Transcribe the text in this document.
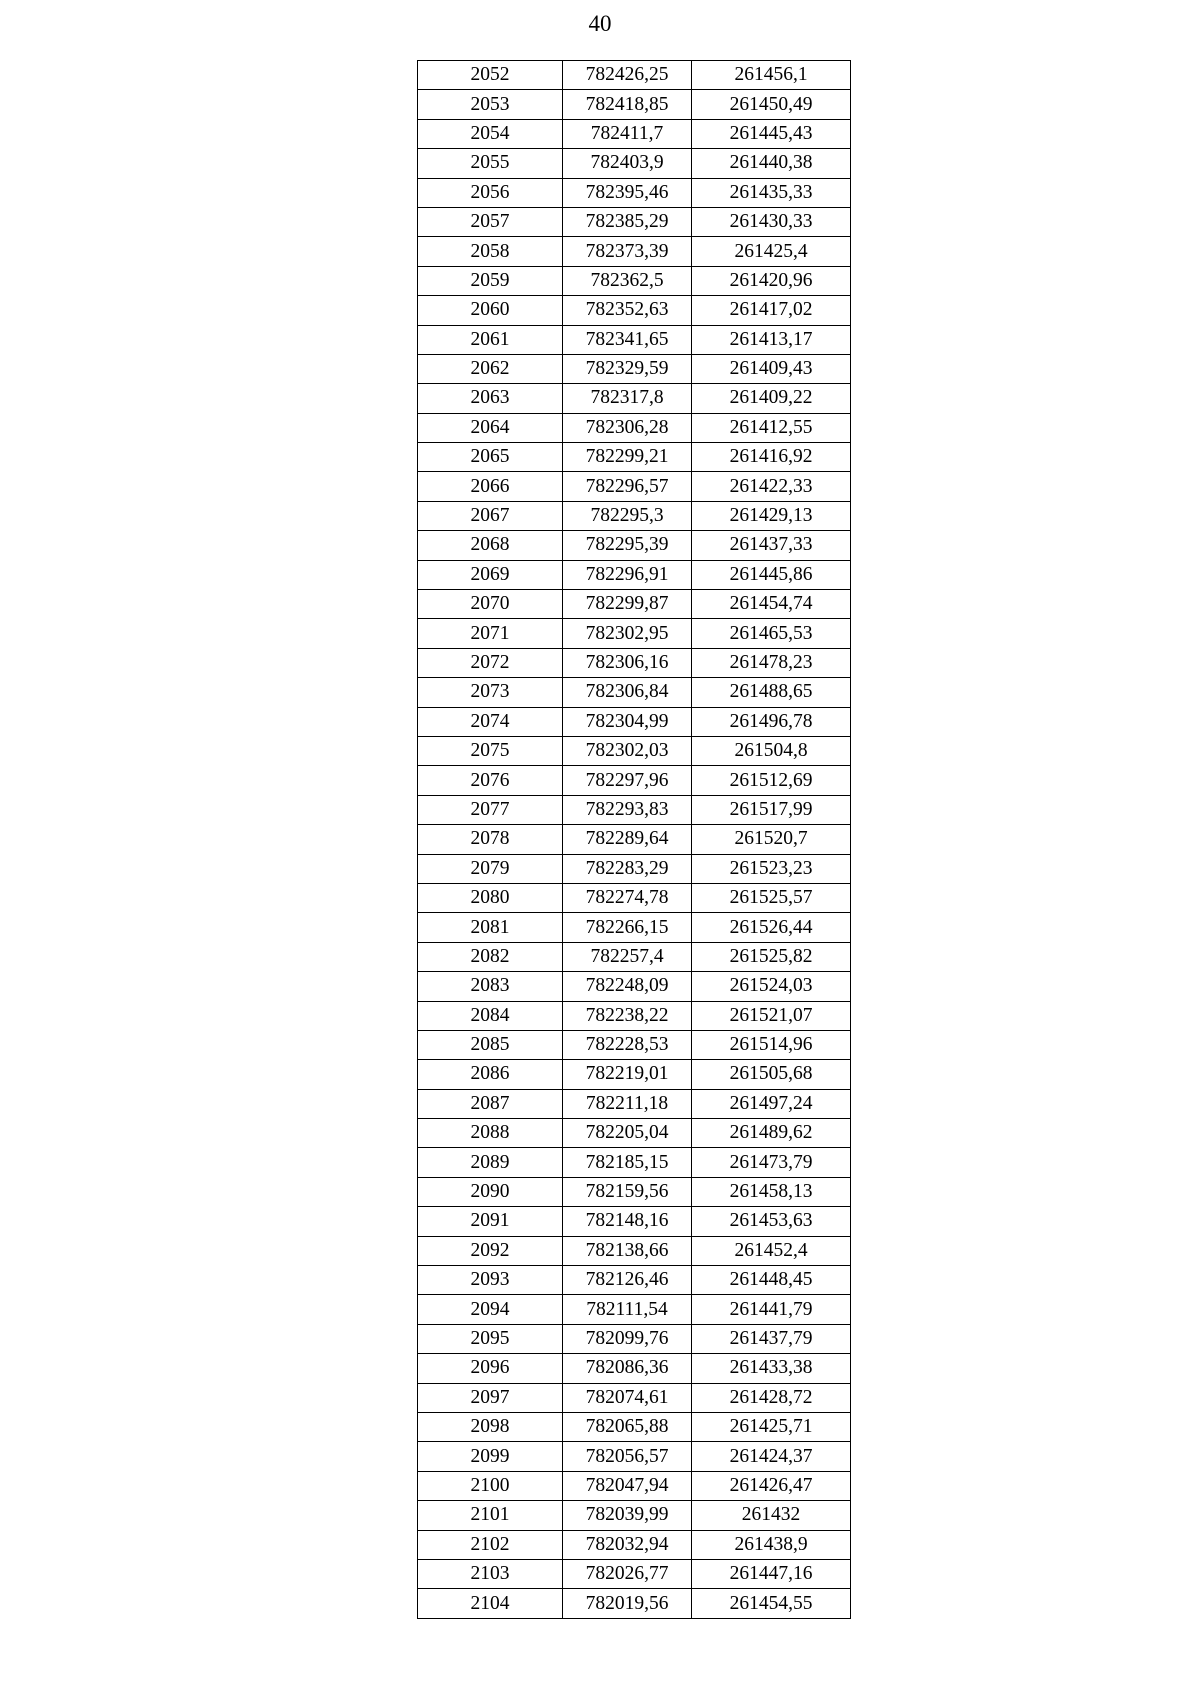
40
2052	782426,25	261456,1
2053	782418,85	261450,49
2054	782411,7	261445,43
2055	782403,9	261440,38
2056	782395,46	261435,33
2057	782385,29	261430,33
2058	782373,39	261425,4
2059	782362,5	261420,96
2060	782352,63	261417,02
2061	782341,65	261413,17
2062	782329,59	261409,43
2063	782317,8	261409,22
2064	782306,28	261412,55
2065	782299,21	261416,92
2066	782296,57	261422,33
2067	782295,3	261429,13
2068	782295,39	261437,33
2069	782296,91	261445,86
2070	782299,87	261454,74
2071	782302,95	261465,53
2072	782306,16	261478,23
2073	782306,84	261488,65
2074	782304,99	261496,78
2075	782302,03	261504,8
2076	782297,96	261512,69
2077	782293,83	261517,99
2078	782289,64	261520,7
2079	782283,29	261523,23
2080	782274,78	261525,57
2081	782266,15	261526,44
2082	782257,4	261525,82
2083	782248,09	261524,03
2084	782238,22	261521,07
2085	782228,53	261514,96
2086	782219,01	261505,68
2087	782211,18	261497,24
2088	782205,04	261489,62
2089	782185,15	261473,79
2090	782159,56	261458,13
2091	782148,16	261453,63
2092	782138,66	261452,4
2093	782126,46	261448,45
2094	782111,54	261441,79
2095	782099,76	261437,79
2096	782086,36	261433,38
2097	782074,61	261428,72
2098	782065,88	261425,71
2099	782056,57	261424,37
2100	782047,94	261426,47
2101	782039,99	261432
2102	782032,94	261438,9
2103	782026,77	261447,16
2104	782019,56	261454,55
